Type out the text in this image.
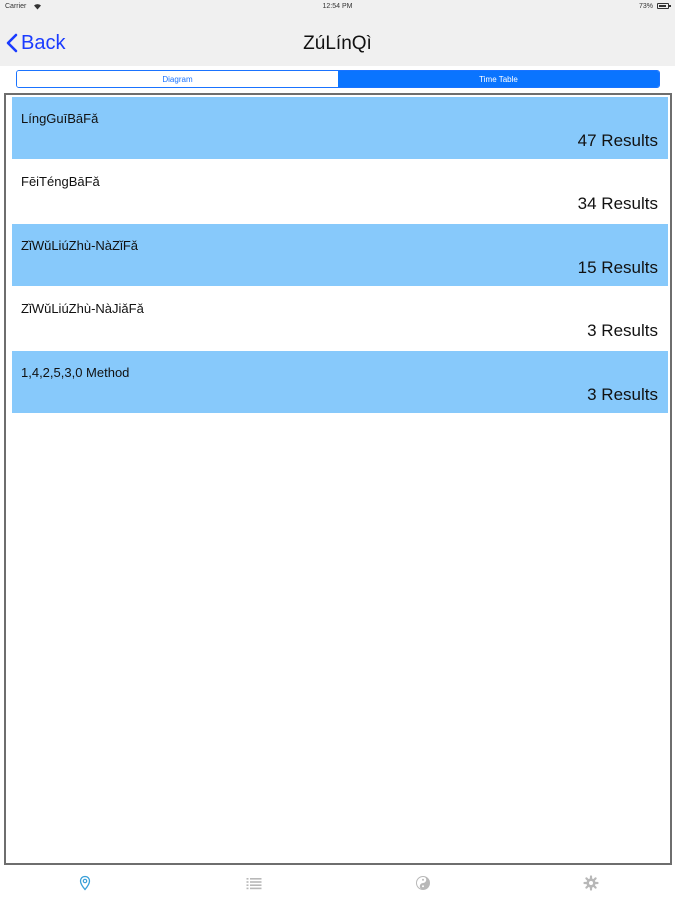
Carrier	12:54 PM	73%
Back	ZúLínQì
Diagram	Time Table
LíngGuīBāFǎ
47 Results
FēiTéngBāFǎ
34 Results
ZǐWǔLiúZhù-NàZǐFǎ
15 Results
ZǐWǔLiúZhù-NàJiǎFǎ
3 Results
1,4,2,5,3,0 Method
3 Results
